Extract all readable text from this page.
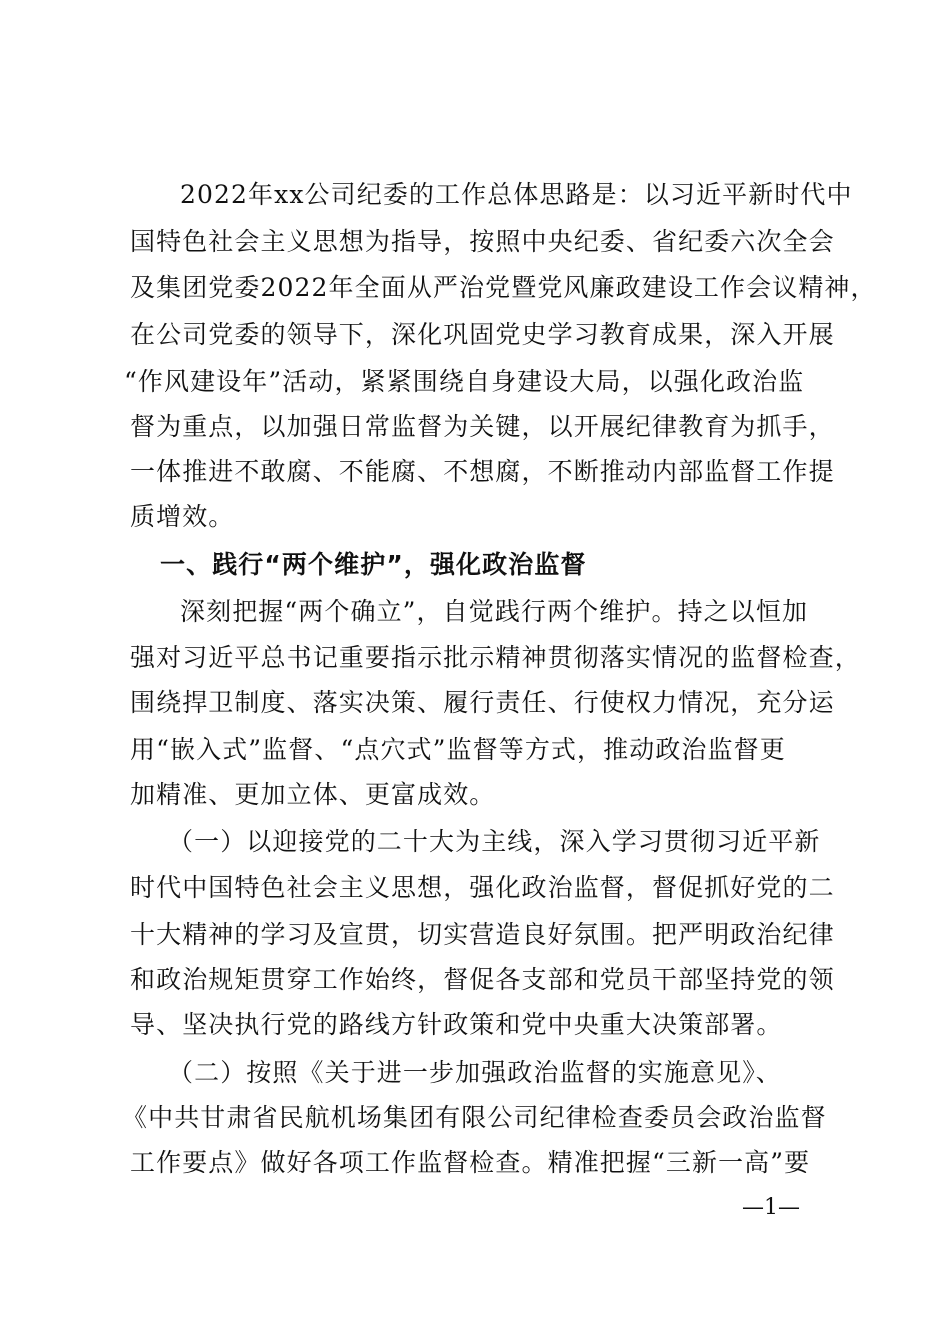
2022年xx公司纪委的工作总体思路是：以习近平新时代中
国特色社会主义思想为指导，按照中央纪委、省纪委六次全会
及集团党委2022年全面从严治党暨党风廉政建设工作会议精神，
在公司党委的领导下，深化巩固党史学习教育成果，深入开展
“作风建设年”活动，紧紧围绕自身建设大局，以强化政治监
督为重点，以加强日常监督为关键，以开展纪律教育为抓手，
一体推进不敢腐、不能腐、不想腐，不断推动内部监督工作提
质增效。
一、践行“两个维护”，强化政治监督
深刻把握“两个确立”，自觉践行两个维护。持之以恒加
强对习近平总书记重要指示批示精神贯彻落实情况的监督检查，
围绕捍卫制度、落实决策、履行责任、行使权力情况，充分运
用“嵌入式”监督、“点穴式”监督等方式，推动政治监督更
加精准、更加立体、更富成效。
（一）以迎接党的二十大为主线，深入学习贯彻习近平新
时代中国特色社会主义思想，强化政治监督，督促抓好党的二
十大精神的学习及宣贯，切实营造良好氛围。把严明政治纪律
和政治规矩贯穿工作始终，督促各支部和党员干部坚持党的领
导、坚决执行党的路线方针政策和党中央重大决策部署。
（二）按照《关于进一步加强政治监督的实施意见》、
《中共甘肃省民航机场集团有限公司纪律检查委员会政治监督
工作要点》做好各项工作监督检查。精准把握“三新一高”要
—1—
